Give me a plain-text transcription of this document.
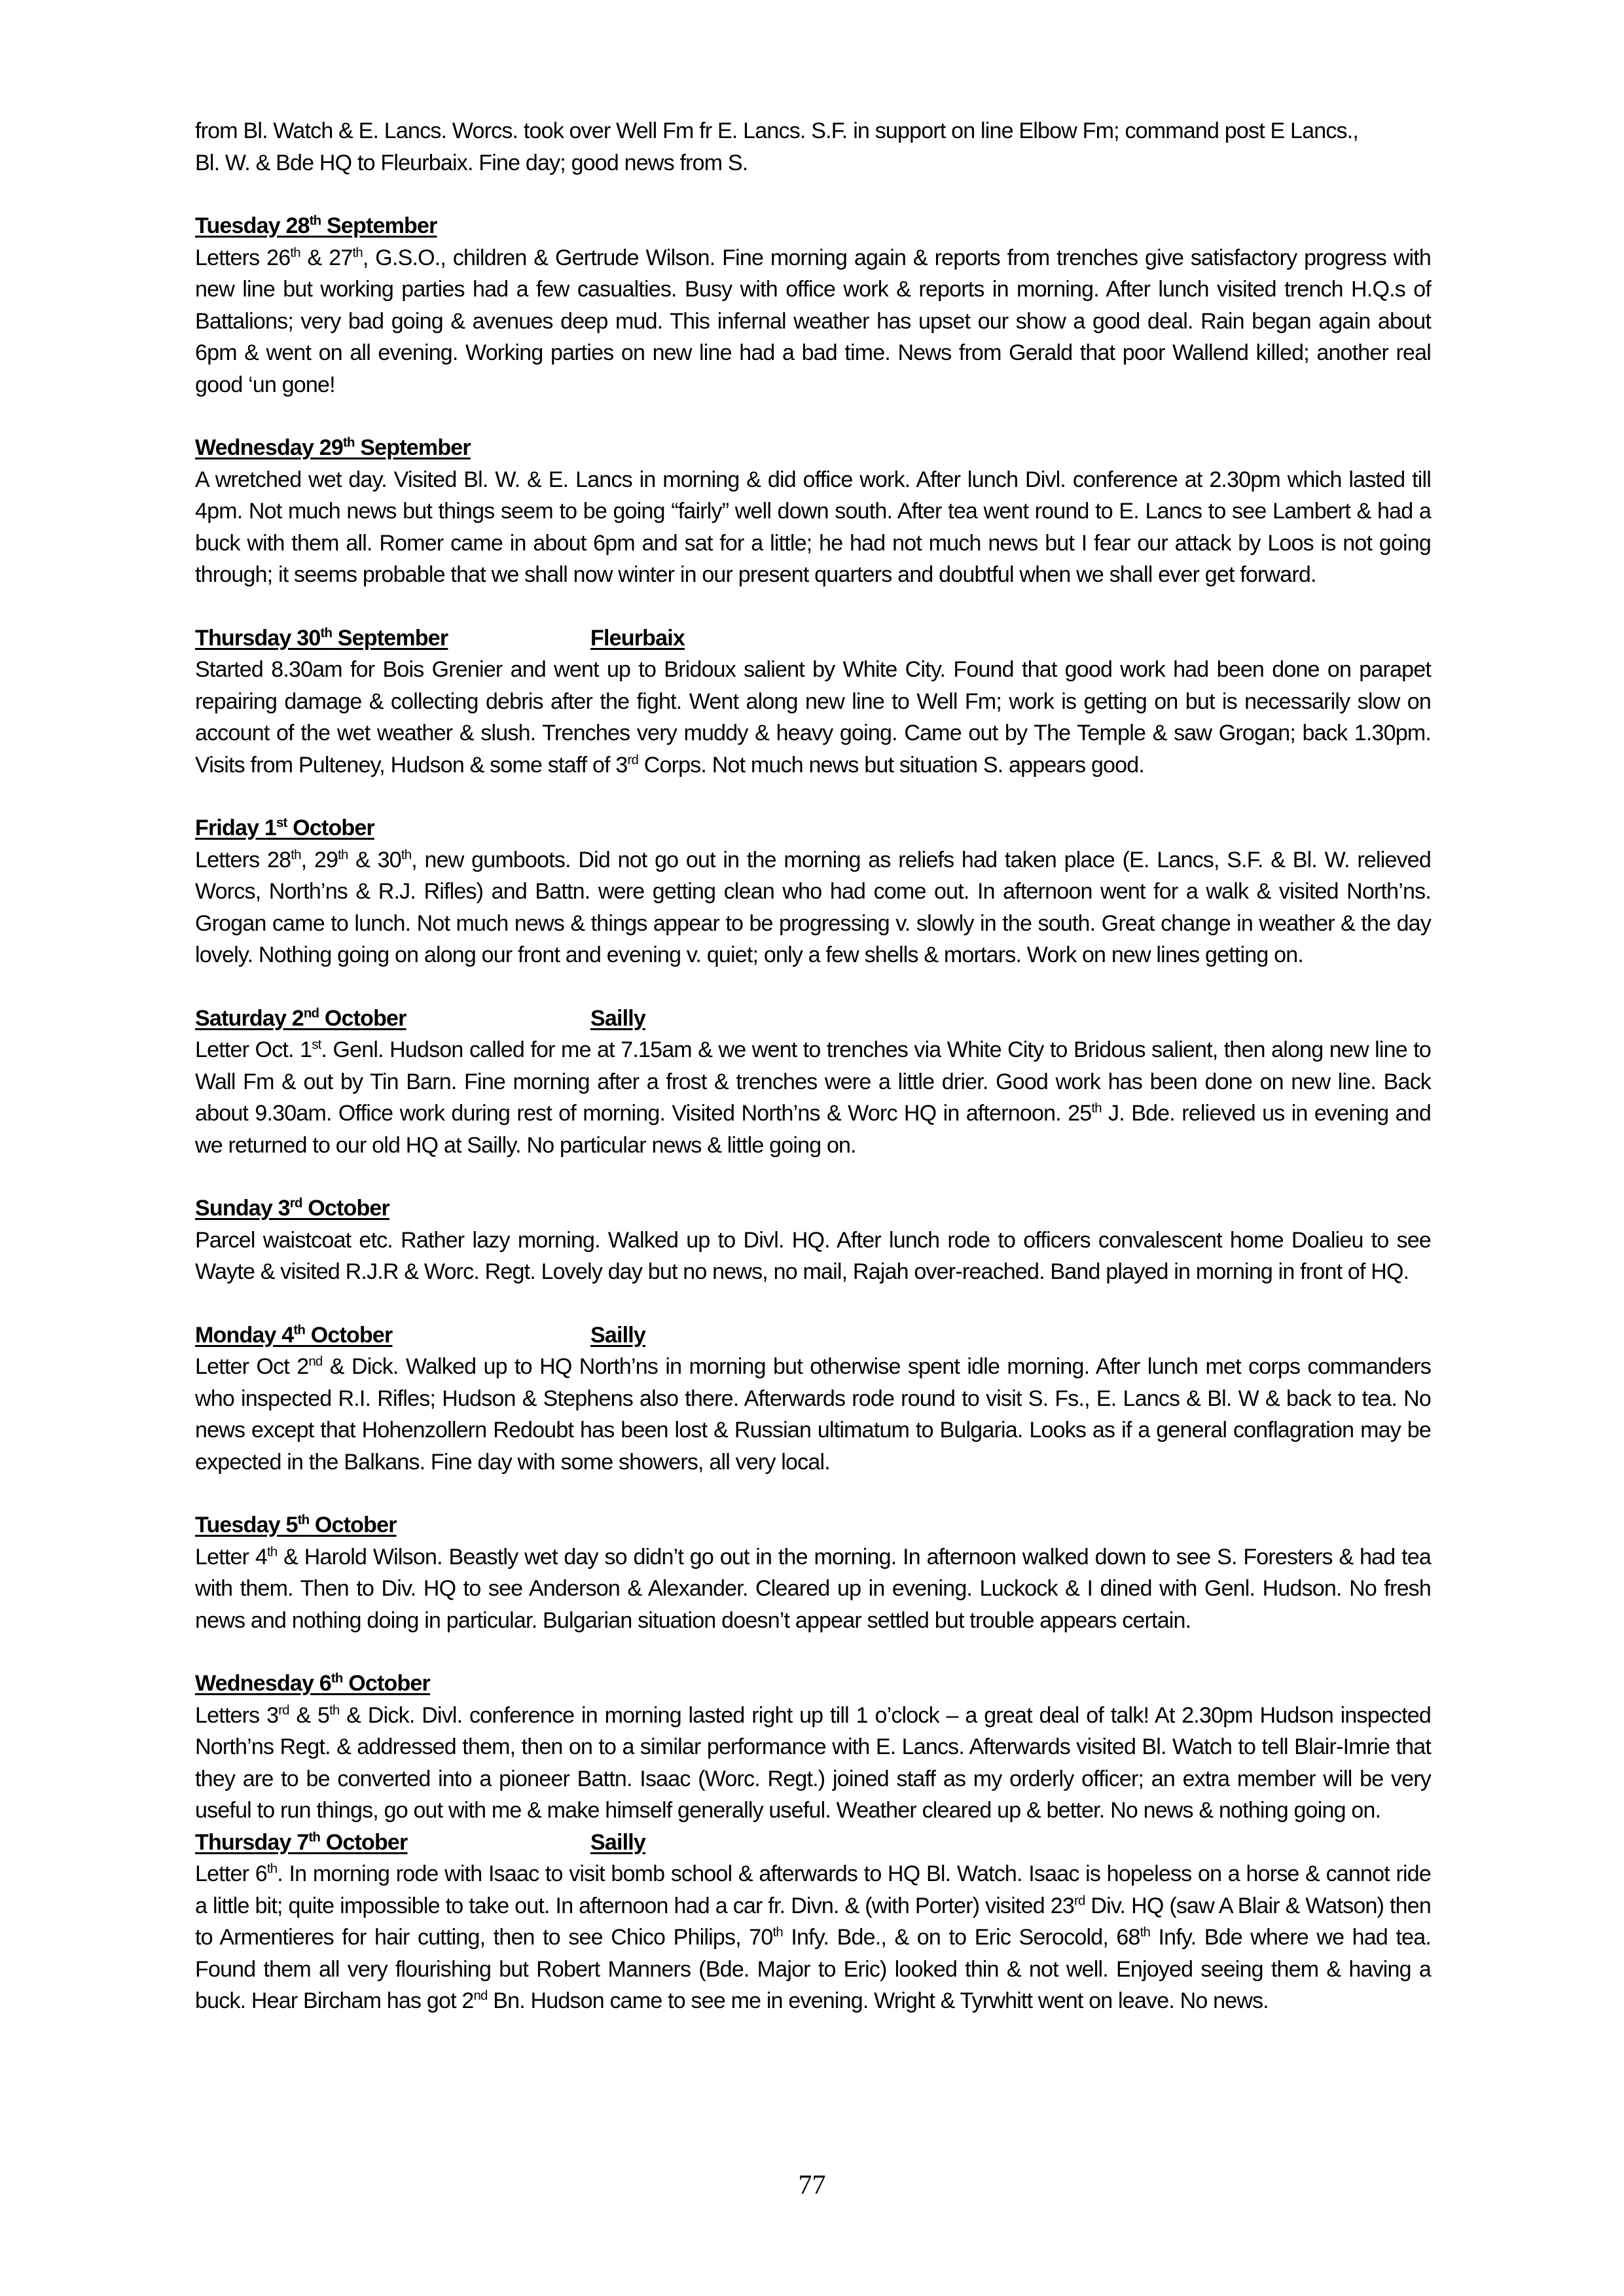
from Bl. Watch & E. Lancs. Worcs. took over Well Fm fr E. Lancs. S.F. in support on line Elbow Fm; command post E Lancs.,

Bl. W. & Bde HQ to Fleurbaix. Fine day; good news from S.

Tuesday 28th September

Letters 26th & 27th, G.S.O., children & Gertrude Wilson. Fine morning again & reports from trenches give satisfactory progress with new line but working parties had a few casualties. Busy with office work & reports in morning. After lunch visited trench H.Q.s of Battalions; very bad going & avenues deep mud. This infernal weather has upset our show a good deal. Rain began again about 6pm & went on all evening. Working parties on new line had a bad time. News from Gerald that poor Wallend killed; another real good ‘un gone!

Wednesday 29th September

A wretched wet day. Visited Bl. W. & E. Lancs in morning & did office work. After lunch Divl. conference at 2.30pm which lasted till 4pm. Not much news but things seem to be going “fairly” well down south. After tea went round to E. Lancs to see Lambert & had a buck with them all. Romer came in about 6pm and sat for a little; he had not much news but I fear our attack by Loos is not going through; it seems probable that we shall now winter in our present quarters and doubtful when we shall ever get forward.

Thursday 30th September	Fleurbaix

Started 8.30am for Bois Grenier and went up to Bridoux salient by White City. Found that good work had been done on parapet repairing damage & collecting debris after the fight. Went along new line to Well Fm; work is getting on but is necessarily slow on account of the wet weather & slush. Trenches very muddy & heavy going. Came out by The Temple & saw Grogan; back 1.30pm. Visits from Pulteney, Hudson & some staff of 3rd Corps. Not much news but situation S. appears good.

Friday 1st October

Letters 28th, 29th & 30th, new gumboots. Did not go out in the morning as reliefs had taken place (E. Lancs, S.F. & Bl. W. relieved Worcs, North’ns & R.J. Rifles) and Battn. were getting clean who had come out. In afternoon went for a walk & visited North’ns. Grogan came to lunch. Not much news & things appear to be progressing v. slowly in the south. Great change in weather & the day lovely. Nothing going on along our front and evening v. quiet; only a few shells & mortars. Work on new lines getting on.

Saturday 2nd October	Sailly

Letter Oct. 1st. Genl. Hudson called for me at 7.15am & we went to trenches via White City to Bridous salient, then along new line to Wall Fm & out by Tin Barn. Fine morning after a frost & trenches were a little drier. Good work has been done on new line. Back about 9.30am. Office work during rest of morning. Visited North’ns & Worc HQ in afternoon. 25th J. Bde. relieved us in evening and we returned to our old HQ at Sailly. No particular news & little going on.

Sunday 3rd October

Parcel waistcoat etc. Rather lazy morning. Walked up to Divl. HQ. After lunch rode to officers convalescent home Doalieu to see Wayte & visited R.J.R & Worc. Regt. Lovely day but no news, no mail, Rajah over-reached. Band played in morning in front of HQ.

Monday 4th October	Sailly

Letter Oct 2nd & Dick. Walked up to HQ North’ns in morning but otherwise spent idle morning. After lunch met corps commanders who inspected R.I. Rifles; Hudson & Stephens also there. Afterwards rode round to visit S. Fs., E. Lancs & Bl. W & back to tea. No news except that Hohenzollern Redoubt has been lost & Russian ultimatum to Bulgaria. Looks as if a general conflagration may be expected in the Balkans. Fine day with some showers, all very local.

Tuesday 5th October

Letter 4th & Harold Wilson. Beastly wet day so didn’t go out in the morning. In afternoon walked down to see S. Foresters & had tea with them. Then to Div. HQ to see Anderson & Alexander. Cleared up in evening. Luckock & I dined with Genl. Hudson. No fresh news and nothing doing in particular. Bulgarian situation doesn’t appear settled but trouble appears certain.

Wednesday 6th October

Letters 3rd & 5th & Dick. Divl. conference in morning lasted right up till 1 o’clock – a great deal of talk! At 2.30pm Hudson inspected North’ns Regt. & addressed them, then on to a similar performance with E. Lancs. Afterwards visited Bl. Watch to tell Blair-Imrie that they are to be converted into a pioneer Battn. Isaac (Worc. Regt.) joined staff as my orderly officer; an extra member will be very useful to run things, go out with me & make himself generally useful. Weather cleared up & better. No news & nothing going on.

Thursday 7th October	Sailly

Letter 6th. In morning rode with Isaac to visit bomb school & afterwards to HQ Bl. Watch. Isaac is hopeless on a horse & cannot ride a little bit; quite impossible to take out. In afternoon had a car fr. Divn. & (with Porter) visited 23rd Div. HQ (saw A Blair & Watson) then to Armentieres for hair cutting, then to see Chico Philips, 70th Infy. Bde., & on to Eric Serocold, 68th Infy. Bde where we had tea. Found them all very flourishing but Robert Manners (Bde. Major to Eric) looked thin & not well. Enjoyed seeing them & having a buck. Hear Bircham has got 2nd Bn. Hudson came to see me in evening. Wright & Tyrwhitt went on leave. No news.

77
